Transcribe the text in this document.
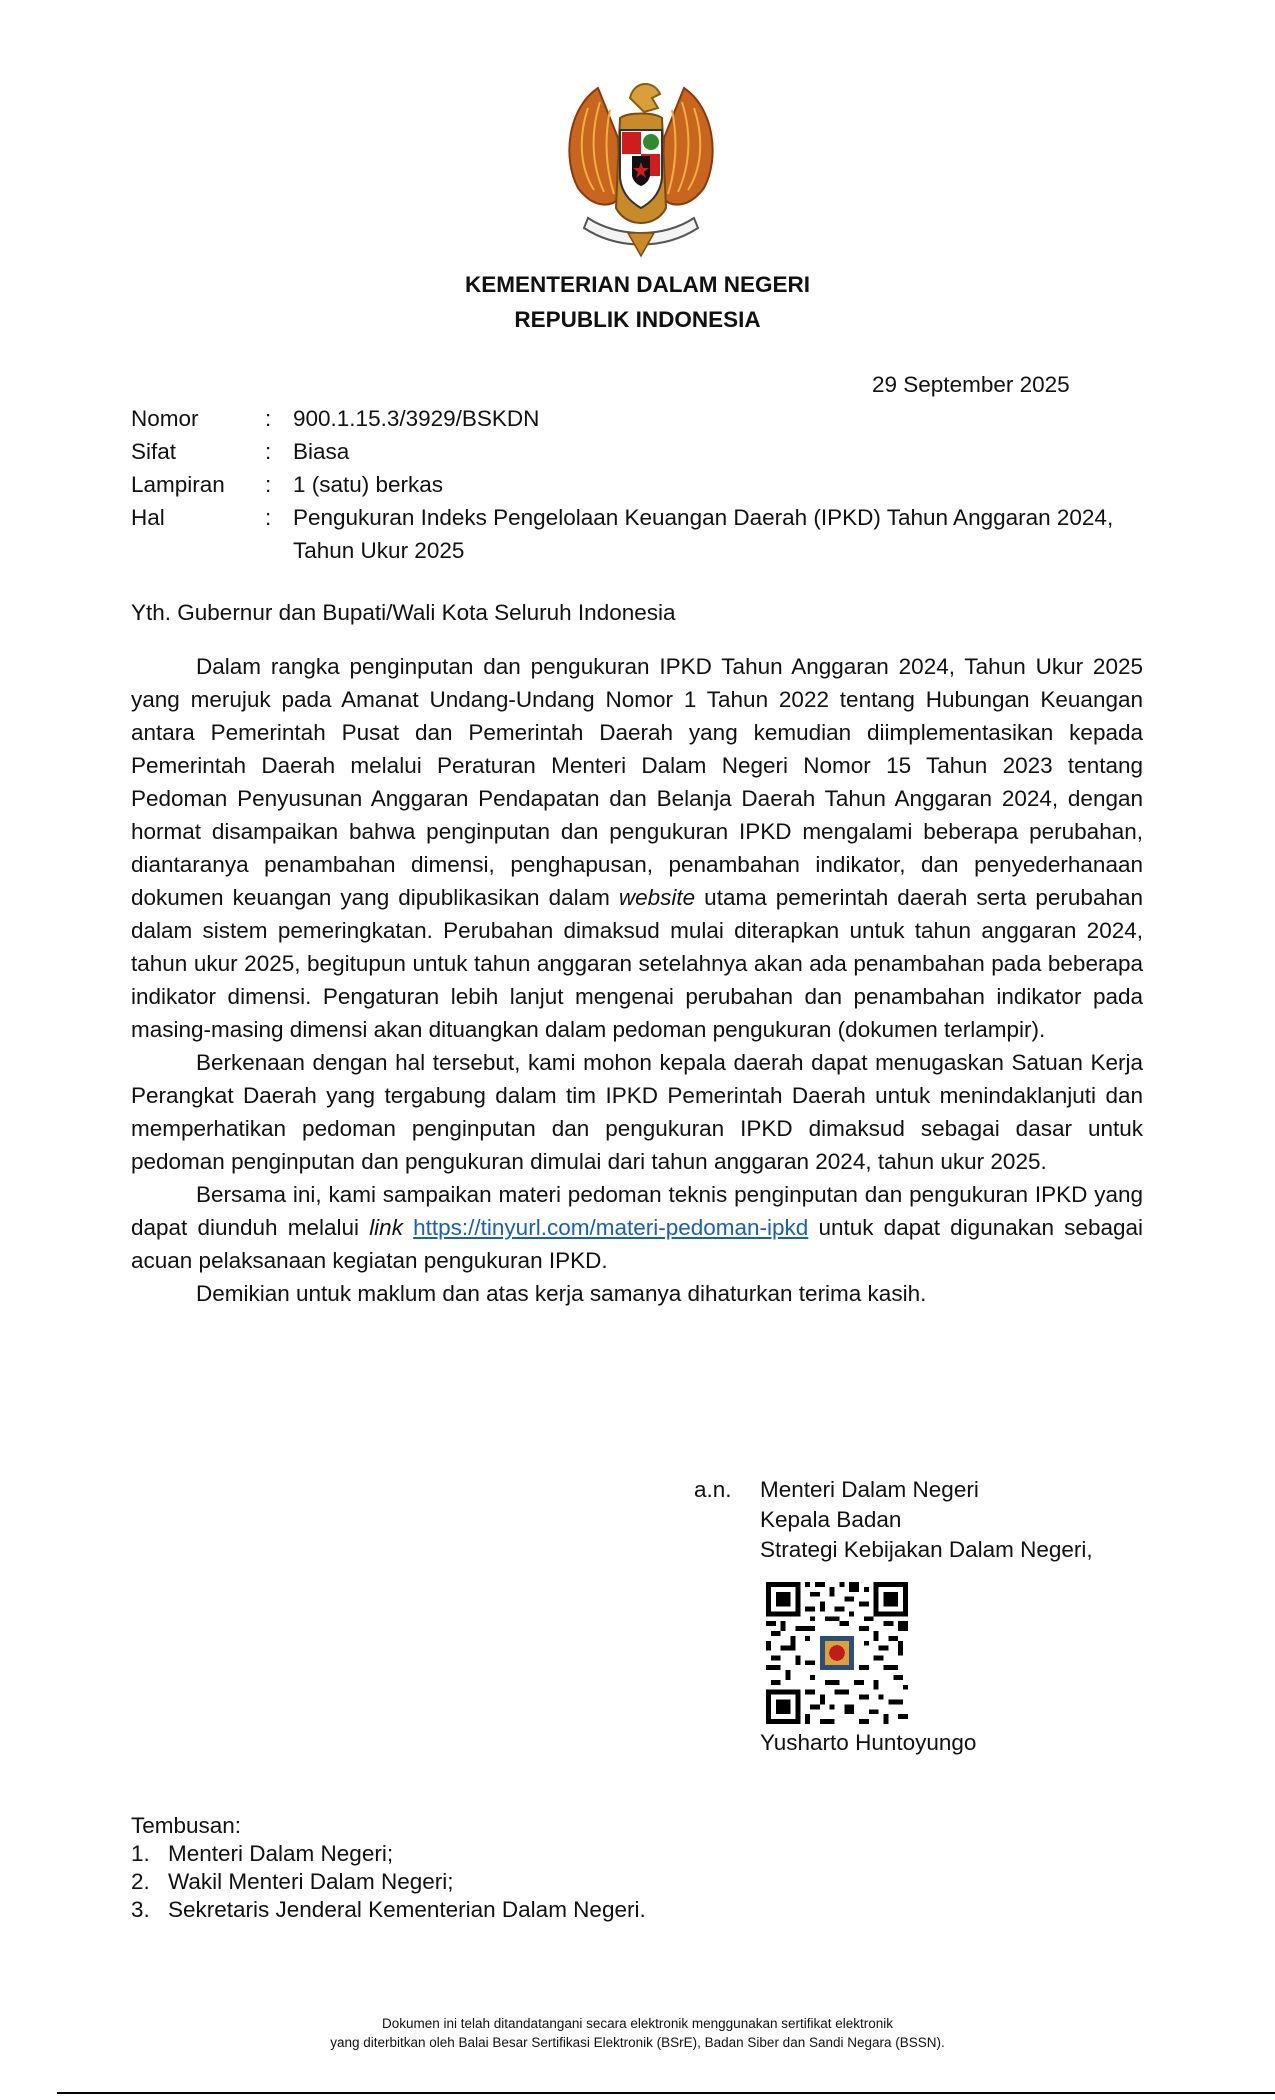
KEMENTERIAN DALAM NEGERI
REPUBLIK INDONESIA
29 September 2025
Nomor	: 900.1.15.3/3929/BSKDN
Sifat	: Biasa
Lampiran	: 1 (satu) berkas
Hal	: Pengukuran Indeks Pengelolaan Keuangan Daerah (IPKD) Tahun Anggaran 2024, Tahun Ukur 2025
Yth. Gubernur dan Bupati/Wali Kota Seluruh Indonesia

Dalam rangka penginputan dan pengukuran IPKD Tahun Anggaran 2024, Tahun Ukur 2025 yang merujuk pada Amanat Undang-Undang Nomor 1 Tahun 2022 tentang Hubungan Keuangan antara Pemerintah Pusat dan Pemerintah Daerah yang kemudian diimplementasikan kepada Pemerintah Daerah melalui Peraturan Menteri Dalam Negeri Nomor 15 Tahun 2023 tentang Pedoman Penyusunan Anggaran Pendapatan dan Belanja Daerah Tahun Anggaran 2024, dengan hormat disampaikan bahwa penginputan dan pengukuran IPKD mengalami beberapa perubahan, diantaranya penambahan dimensi, penghapusan, penambahan indikator, dan penyederhanaan dokumen keuangan yang dipublikasikan dalam website utama pemerintah daerah serta perubahan dalam sistem pemeringkatan. Perubahan dimaksud mulai diterapkan untuk tahun anggaran 2024, tahun ukur 2025, begitupun untuk tahun anggaran setelahnya akan ada penambahan pada beberapa indikator dimensi. Pengaturan lebih lanjut mengenai perubahan dan penambahan indikator pada masing-masing dimensi akan dituangkan dalam pedoman pengukuran (dokumen terlampir).

Berkenaan dengan hal tersebut, kami mohon kepala daerah dapat menugaskan Satuan Kerja Perangkat Daerah yang tergabung dalam tim IPKD Pemerintah Daerah untuk menindaklanjuti dan memperhatikan pedoman penginputan dan pengukuran IPKD dimaksud sebagai dasar untuk pedoman penginputan dan pengukuran dimulai dari tahun anggaran 2024, tahun ukur 2025.

Bersama ini, kami sampaikan materi pedoman teknis penginputan dan pengukuran IPKD yang dapat diunduh melalui link https://tinyurl.com/materi-pedoman-ipkd untuk dapat digunakan sebagai acuan pelaksanaan kegiatan pengukuran IPKD.

Demikian untuk maklum dan atas kerja samanya dihaturkan terima kasih.

a.n. Menteri Dalam Negeri
Kepala Badan
Strategi Kebijakan Dalam Negeri,
Yusharto Huntoyungo
Tembusan:
1. Menteri Dalam Negeri;
2. Wakil Menteri Dalam Negeri;
3. Sekretaris Jenderal Kementerian Dalam Negeri.
Dokumen ini telah ditandatangani secara elektronik menggunakan sertifikat elektronik
yang diterbitkan oleh Balai Besar Sertifikasi Elektronik (BSrE), Badan Siber dan Sandi Negara (BSSN).
